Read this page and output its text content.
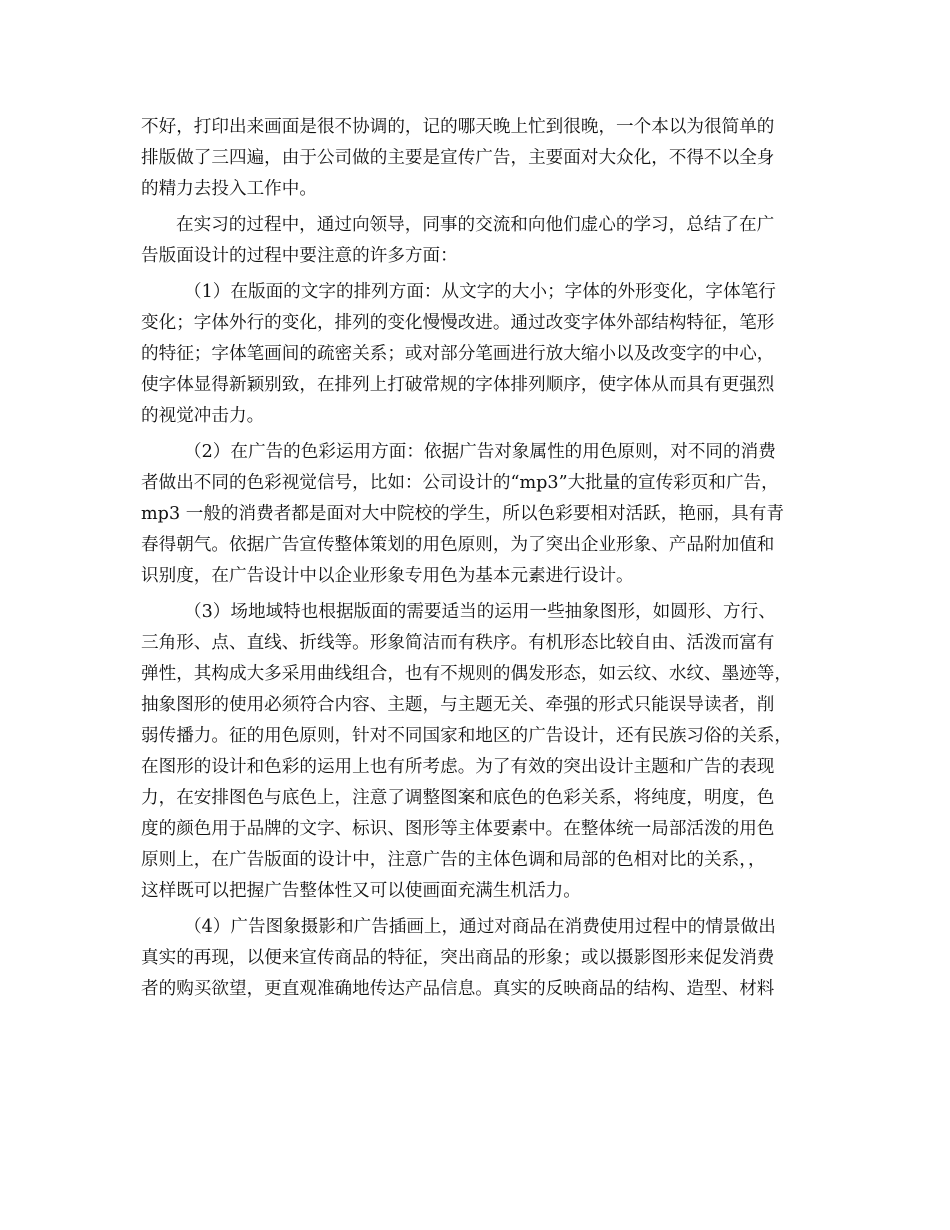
不好，打印出来画面是很不协调的，记的哪天晚上忙到很晚，一个本以为很简单的
排版做了三四遍，由于公司做的主要是宣传广告，主要面对大众化，不得不以全身
的精力去投入工作中。
在实习的过程中，通过向领导，同事的交流和向他们虚心的学习，总结了在广
告版面设计的过程中要注意的许多方面：
（1）在版面的文字的排列方面：从文字的大小；字体的外形变化，字体笔行
变化；字体外行的变化，排列的变化慢慢改进。通过改变字体外部结构特征，笔形
的特征；字体笔画间的疏密关系；或对部分笔画进行放大缩小以及改变字的中心，
使字体显得新颖别致，在排列上打破常规的字体排列顺序，使字体从而具有更强烈
的视觉冲击力。
（2）在广告的色彩运用方面：依据广告对象属性的用色原则，对不同的消费
者做出不同的色彩视觉信号，比如：公司设计的“mp3”大批量的宣传彩页和广告，
mp3 一般的消费者都是面对大中院校的学生，所以色彩要相对活跃，艳丽，具有青
春得朝气。依据广告宣传整体策划的用色原则，为了突出企业形象、产品附加值和
识别度，在广告设计中以企业形象专用色为基本元素进行设计。
（3）场地域特也根据版面的需要适当的运用一些抽象图形，如圆形、方行、
三角形、点、直线、折线等。形象简洁而有秩序。有机形态比较自由、活泼而富有
弹性，其构成大多采用曲线组合，也有不规则的偶发形态，如云纹、水纹、墨迹等，
抽象图形的使用必须符合内容、主题，与主题无关、牵强的形式只能误导读者，削
弱传播力。征的用色原则，针对不同国家和地区的广告设计，还有民族习俗的关系，
在图形的设计和色彩的运用上也有所考虑。为了有效的突出设计主题和广告的表现
力，在安排图色与底色上，注意了调整图案和底色的色彩关系，将纯度，明度，色
度的颜色用于品牌的文字、标识、图形等主体要素中。在整体统一局部活泼的用色
原则上，在广告版面的设计中，注意广告的主体色调和局部的色相对比的关系，，
这样既可以把握广告整体性又可以使画面充满生机活力。
（4）广告图象摄影和广告插画上，通过对商品在消费使用过程中的情景做出
真实的再现，以便来宣传商品的特征，突出商品的形象；或以摄影图形来促发消费
者的购买欲望，更直观准确地传达产品信息。真实的反映商品的结构、造型、材料
